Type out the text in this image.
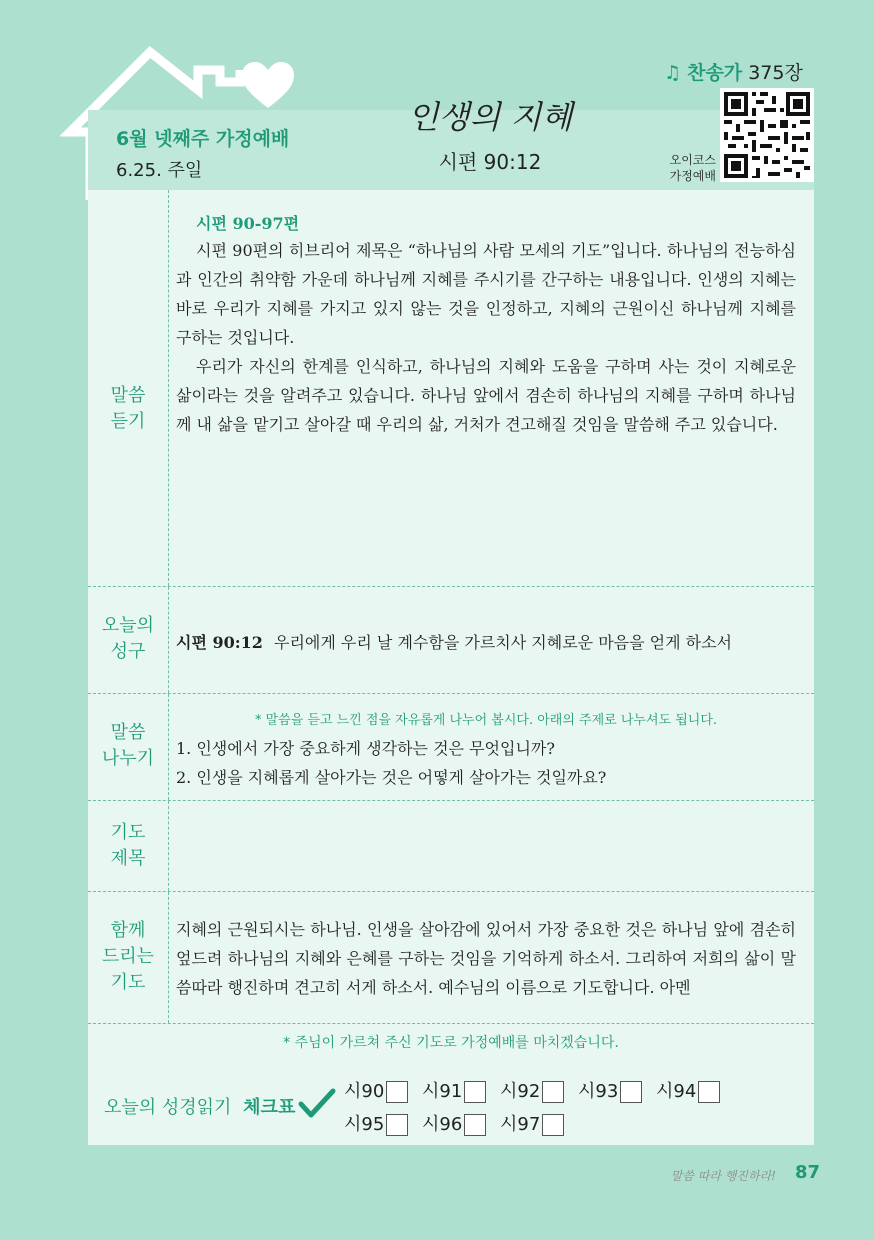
6월 넷째주 가정예배
6.25. 주일
인생의 지혜
시편 90:12
♫ 찬송가 375장
오이코스
가정예배
말씀
듣기
시편 90-97편
시편 90편의 히브리어 제목은 “하나님의 사람 모세의 기도”입니다. 하나님의 전능하심과 인간의 취약함 가운데 하나님께 지혜를 주시기를 간구하는 내용입니다. 인생의 지혜는 바로 우리가 지혜를 가지고 있지 않는 것을 인정하고, 지혜의 근원이신 하나님께 지혜를 구하는 것입니다.
우리가 자신의 한계를 인식하고, 하나님의 지혜와 도움을 구하며 사는 것이 지혜로운 삶이라는 것을 알려주고 있습니다. 하나님 앞에서 겸손히 하나님의 지혜를 구하며 하나님께 내 삶을 맡기고 살아갈 때 우리의 삶, 거처가 견고해질 것임을 말씀해 주고 있습니다.
오늘의
성구	시편 90:12 우리에게 우리 날 계수함을 가르치사 지혜로운 마음을 얻게 하소서
말씀
나누기
* 말씀을 듣고 느낀 점을 자유롭게 나누어 봅시다. 아래의 주제로 나누셔도 됩니다.
1. 인생에서 가장 중요하게 생각하는 것은 무엇입니까?
2. 인생을 지혜롭게 살아가는 것은 어떻게 살아가는 것일까요?
기도
제목
함께
드리는
기도
지혜의 근원되시는 하나님. 인생을 살아감에 있어서 가장 중요한 것은 하나님 앞에 겸손히 엎드려 하나님의 지혜와 은혜를 구하는 것임을 기억하게 하소서. 그리하여 저희의 삶이 말씀따라 행진하며 견고히 서게 하소서. 예수님의 이름으로 기도합니다. 아멘
* 주님이 가르쳐 주신 기도로 가정예배를 마치겠습니다.
오늘의 성경읽기 체크표
시90 시91 시92 시93 시94
시95 시96 시97
말씀 따라 행진하라!	87
